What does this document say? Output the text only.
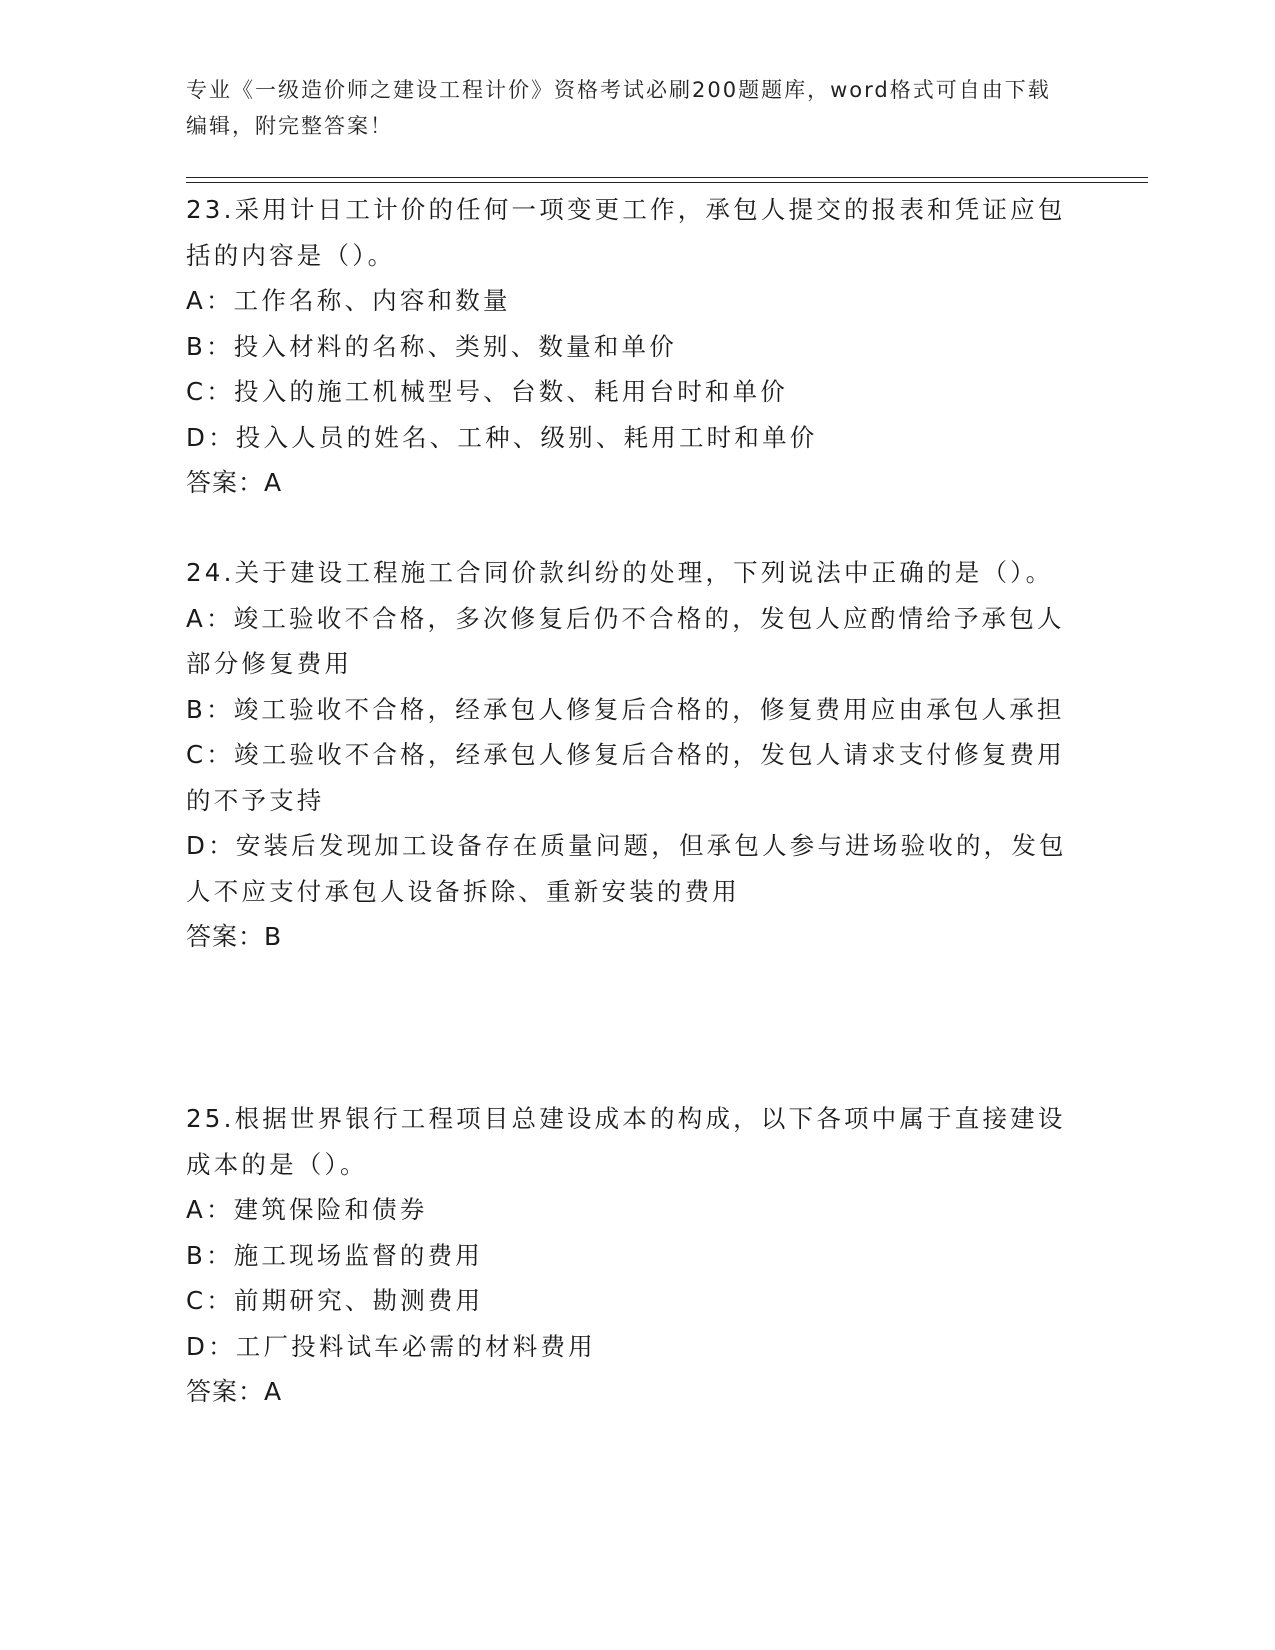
专业《一级造价师之建设工程计价》资格考试必刷200题题库，word格式可自由下载编辑，附完整答案！

23.采用计日工计价的任何一项变更工作，承包人提交的报表和凭证应包括的内容是（）。

A：工作名称、内容和数量

B：投入材料的名称、类别、数量和单价

C：投入的施工机械型号、台数、耗用台时和单价

D：投入人员的姓名、工种、级别、耗用工时和单价

答案：A

24.关于建设工程施工合同价款纠纷的处理，下列说法中正确的是（）。

A：竣工验收不合格，多次修复后仍不合格的，发包人应酌情给予承包人部分修复费用

B：竣工验收不合格，经承包人修复后合格的，修复费用应由承包人承担

C：竣工验收不合格，经承包人修复后合格的，发包人请求支付修复费用的不予支持

D：安装后发现加工设备存在质量问题，但承包人参与进场验收的，发包人不应支付承包人设备拆除、重新安装的费用

答案：B

25.根据世界银行工程项目总建设成本的构成，以下各项中属于直接建设成本的是（）。

A：建筑保险和债券

B：施工现场监督的费用

C：前期研究、勘测费用

D：工厂投料试车必需的材料费用

答案：A
